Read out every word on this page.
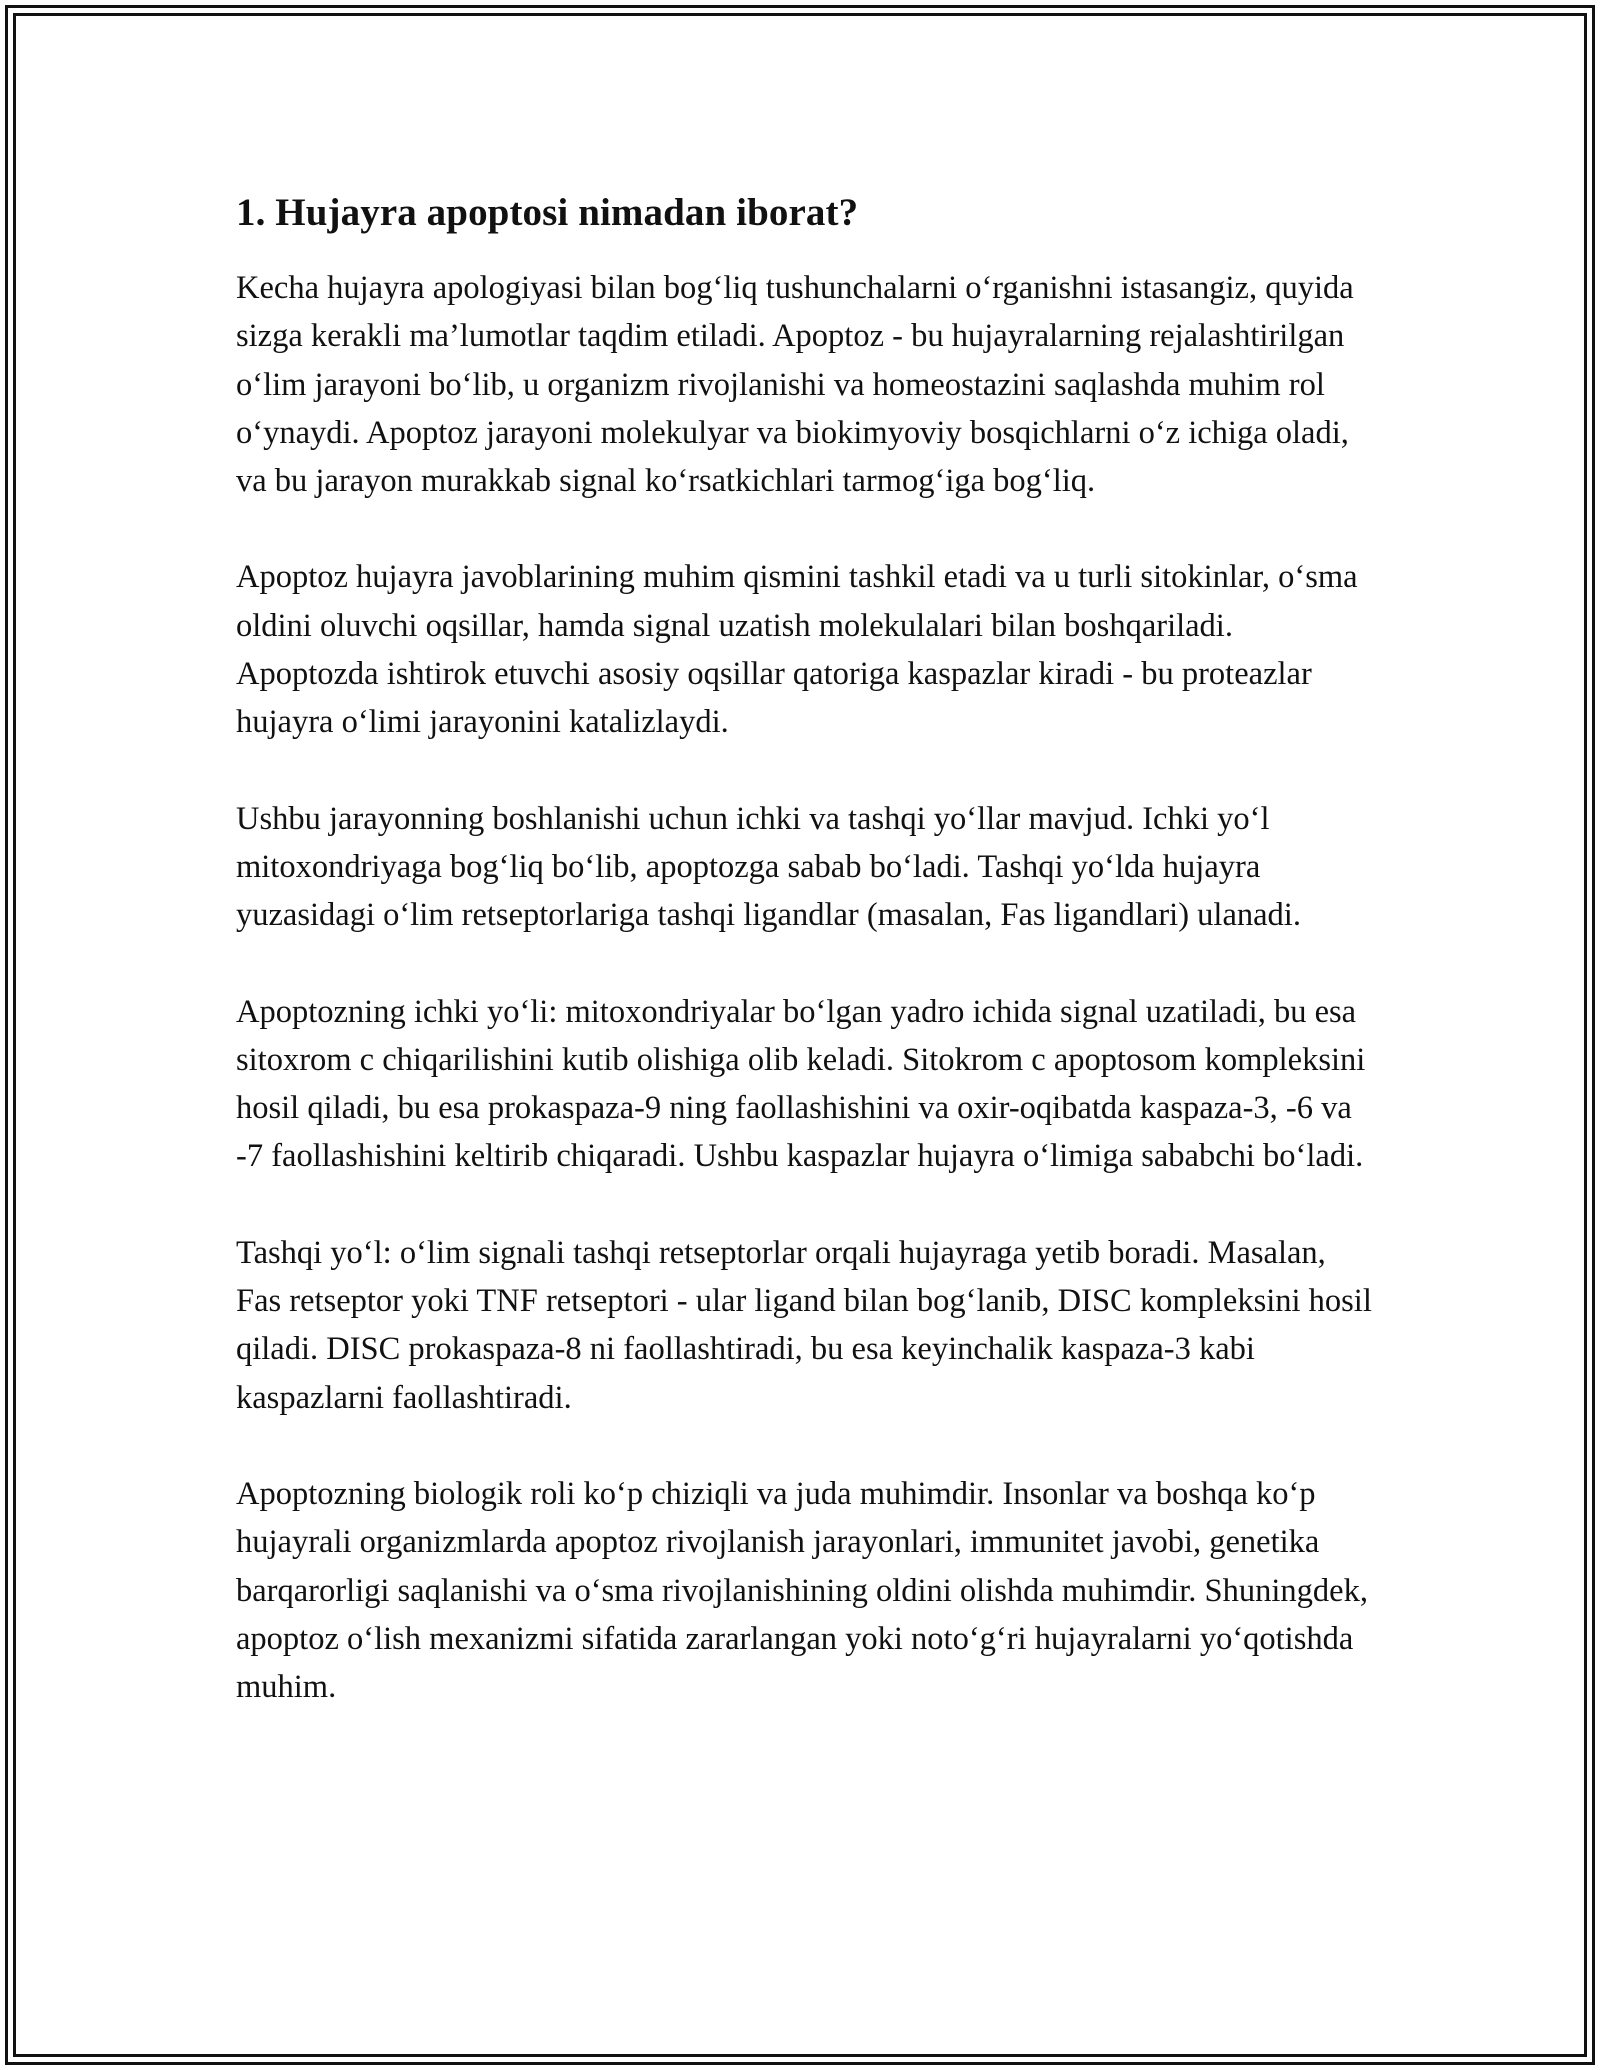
1. Hujayra apoptosi nimadan iborat?

Kecha hujayra apologiyasi bilan bog‘liq tushunchalarni o‘rganishni istasangiz, quyida sizga kerakli ma’lumotlar taqdim etiladi. Apoptoz - bu hujayralarning rejalashtirilgan o‘lim jarayoni bo‘lib, u organizm rivojlanishi va homeostazini saqlashda muhim rol o‘ynaydi. Apoptoz jarayoni molekulyar va biokimyoviy bosqichlarni o‘z ichiga oladi, va bu jarayon murakkab signal ko‘rsatkichlari tarmog‘iga bog‘liq.

Apoptoz hujayra javoblarining muhim qismini tashkil etadi va u turli sitokinlar, o‘sma oldini oluvchi oqsillar, hamda signal uzatish molekulalari bilan boshqariladi. Apoptozda ishtirok etuvchi asosiy oqsillar qatoriga kaspazlar kiradi - bu proteazlar hujayra o‘limi jarayonini katalizlaydi.

Ushbu jarayonning boshlanishi uchun ichki va tashqi yo‘llar mavjud. Ichki yo‘l mitoxondriyaga bog‘liq bo‘lib, apoptozga sabab bo‘ladi. Tashqi yo‘lda hujayra yuzasidagi o‘lim retseptorlariga tashqi ligandlar (masalan, Fas ligandlari) ulanadi.

Apoptozning ichki yo‘li: mitoxondriyalar bo‘lgan yadro ichida signal uzatiladi, bu esa sitoxrom c chiqarilishini kutib olishiga olib keladi. Sitokrom c apoptosom kompleksini hosil qiladi, bu esa prokaspaza-9 ning faollashishini va oxir-oqibatda kaspaza-3, -6 va -7 faollashishini keltirib chiqaradi. Ushbu kaspazlar hujayra o‘limiga sababchi bo‘ladi.

Tashqi yo‘l: o‘lim signali tashqi retseptorlar orqali hujayraga yetib boradi. Masalan, Fas retseptor yoki TNF retseptori - ular ligand bilan bog‘lanib, DISC kompleksini hosil qiladi. DISC prokaspaza-8 ni faollashtiradi, bu esa keyinchalik kaspaza-3 kabi kaspazlarni faollashtiradi.

Apoptozning biologik roli ko‘p chiziqli va juda muhimdir. Insonlar va boshqa ko‘p hujayrali organizmlarda apoptoz rivojlanish jarayonlari, immunitet javobi, genetika barqarorligi saqlanishi va o‘sma rivojlanishining oldini olishda muhimdir. Shuningdek, apoptoz o‘lish mexanizmi sifatida zararlangan yoki noto‘g‘ri hujayralarni yo‘qotishda muhim.
